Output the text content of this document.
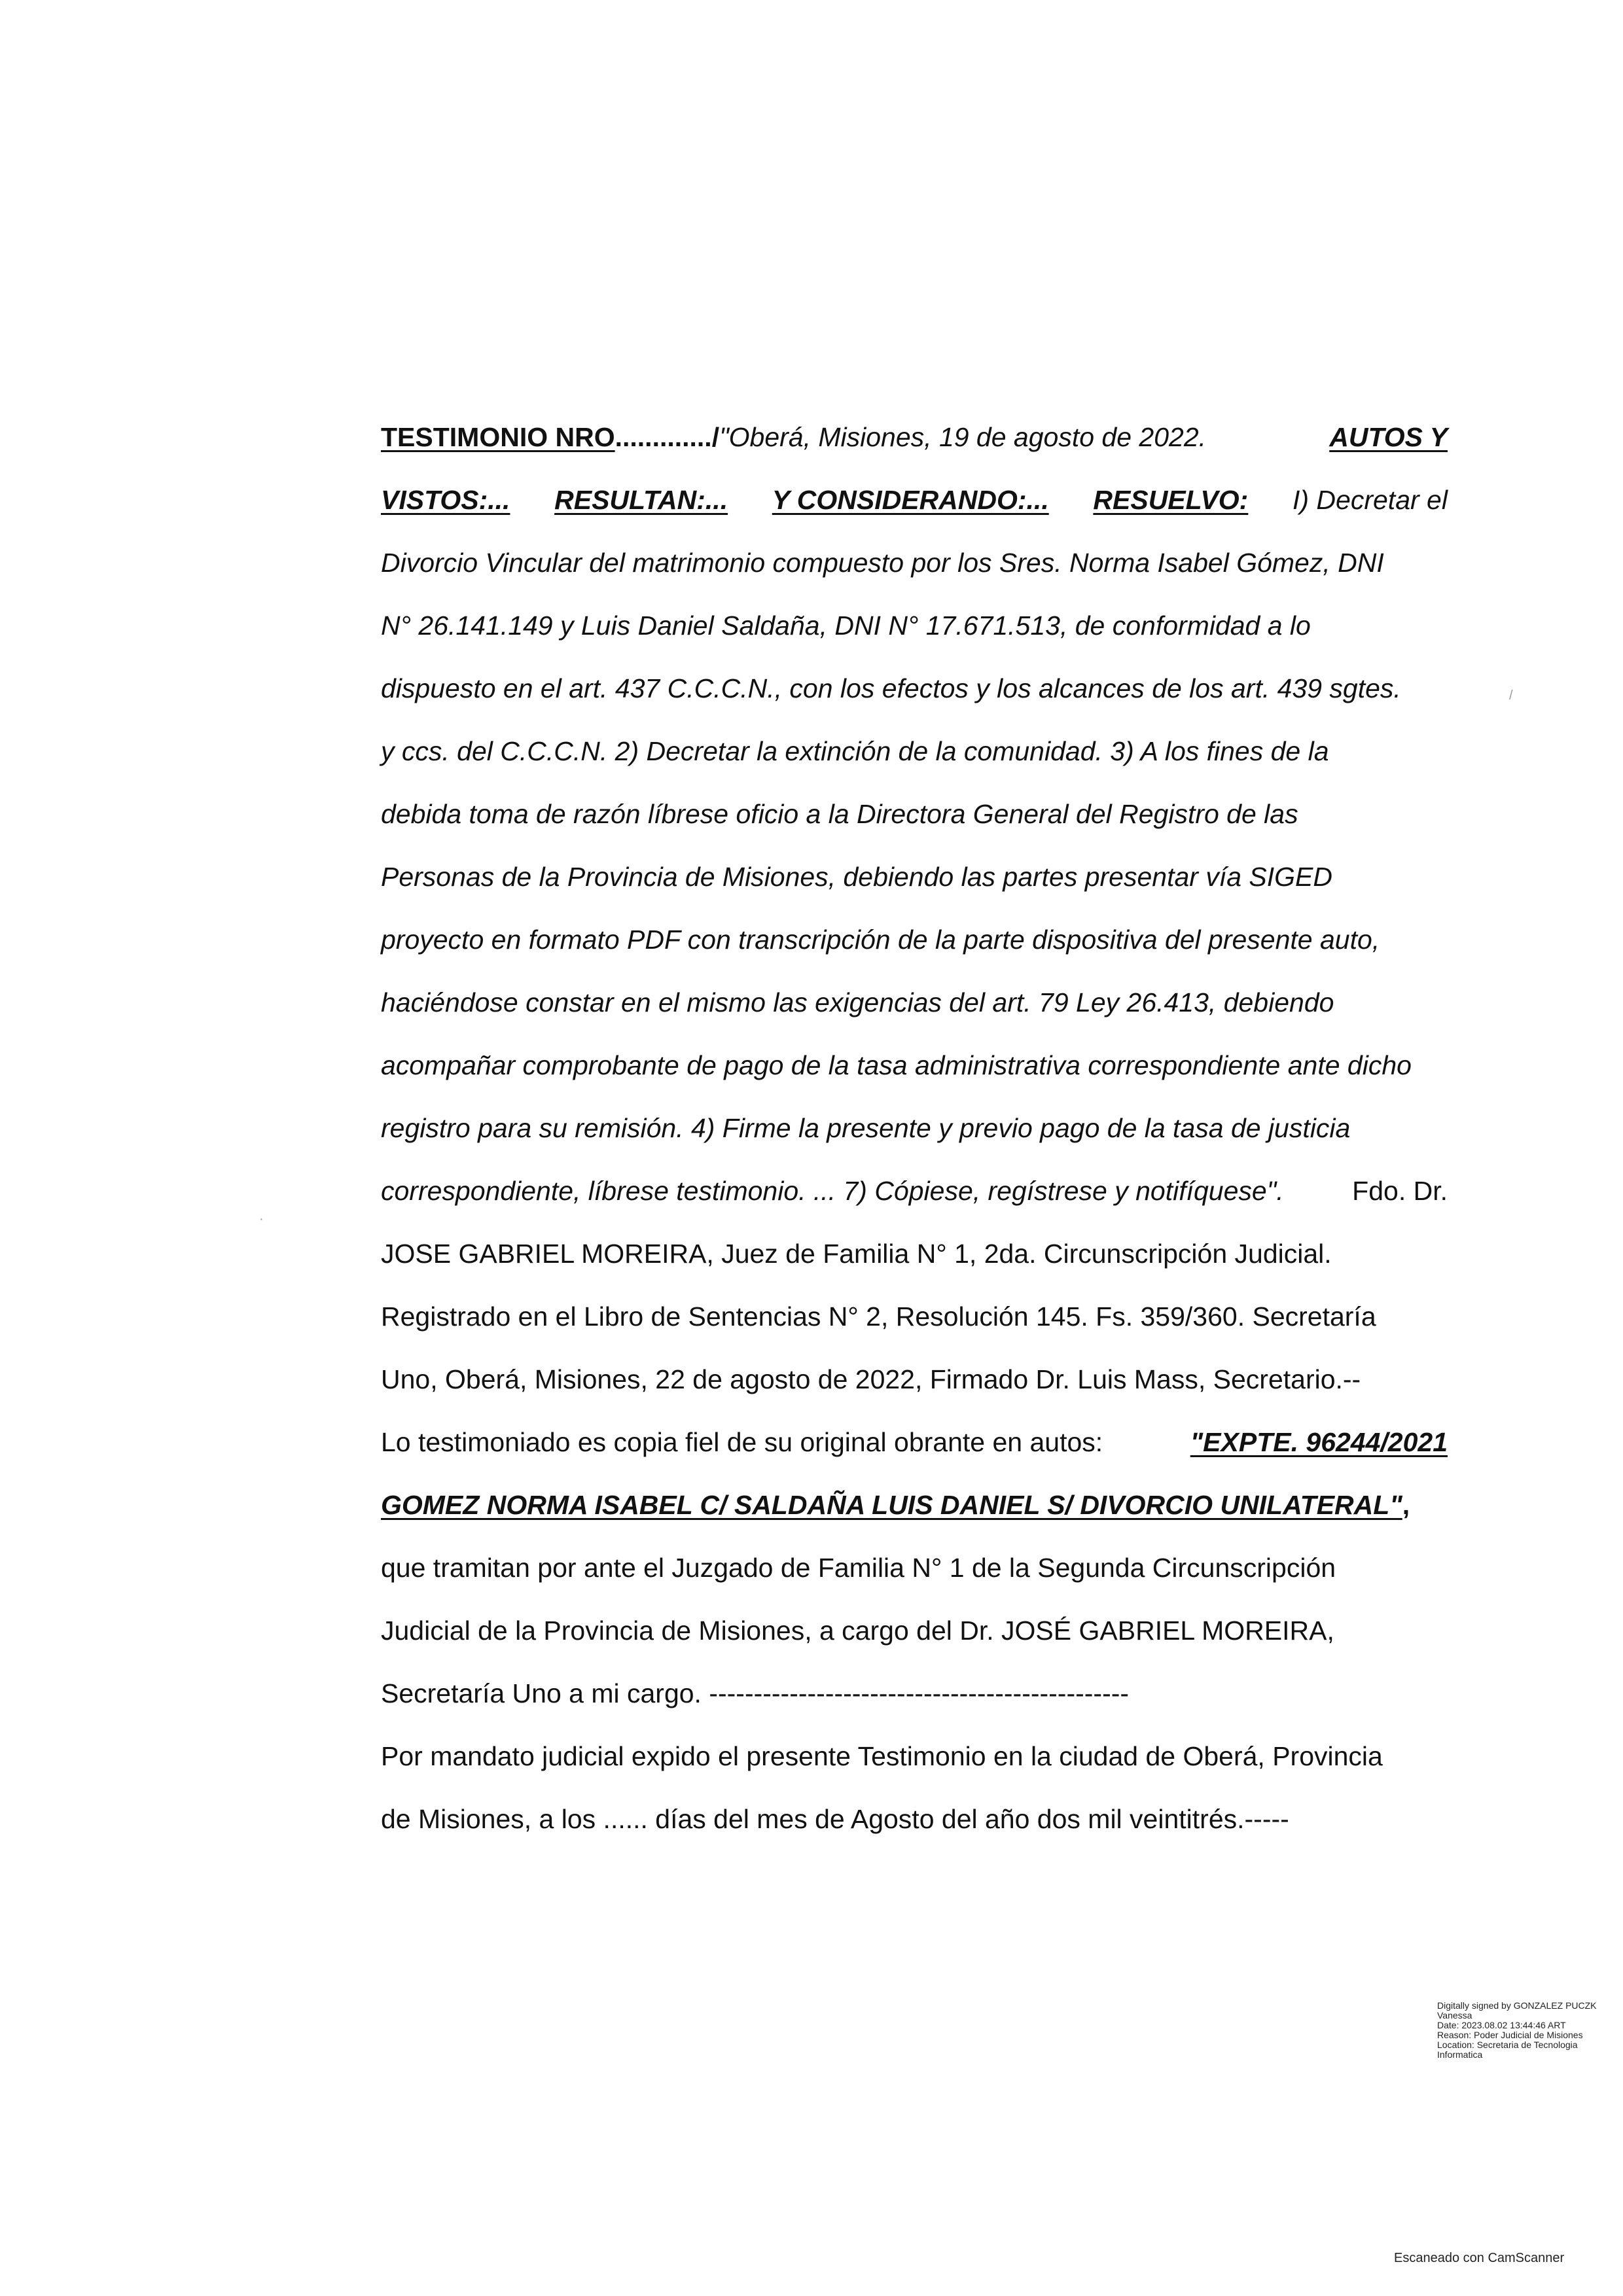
TESTIMONIO NRO............./"Oberá, Misiones, 19 de agosto de 2022.	AUTOS Y
VISTOS:... RESULTAN:... Y CONSIDERANDO:... RESUELVO: I) Decretar el
Divorcio Vincular del matrimonio compuesto por los Sres. Norma Isabel Gómez, DNI
N° 26.141.149 y Luis Daniel Saldaña, DNI N° 17.671.513, de conformidad a lo
dispuesto en el art. 437 C.C.C.N., con los efectos y los alcances de los art. 439 sgtes.
y ccs. del C.C.C.N. 2) Decretar la extinción de la comunidad. 3) A los fines de la
debida toma de razón líbrese oficio a la Directora General del Registro de las
Personas de la Provincia de Misiones, debiendo las partes presentar vía SIGED
proyecto en formato PDF con transcripción de la parte dispositiva del presente auto,
haciéndose constar en el mismo las exigencias del art. 79 Ley 26.413, debiendo
acompañar comprobante de pago de la tasa administrativa correspondiente ante dicho
registro para su remisión. 4) Firme la presente y previo pago de la tasa de justicia
correspondiente, líbrese testimonio. ... 7) Cópiese, regístrese y notifíquese".	Fdo. Dr.
JOSE GABRIEL MOREIRA, Juez de Familia N° 1, 2da. Circunscripción Judicial.
Registrado en el Libro de Sentencias N° 2, Resolución 145. Fs. 359/360. Secretaría
Uno, Oberá, Misiones, 22 de agosto de 2022, Firmado Dr. Luis Mass, Secretario.--
Lo testimoniado es copia fiel de su original obrante en autos:	"EXPTE. 96244/2021
GOMEZ NORMA ISABEL C/ SALDAÑA LUIS DANIEL S/ DIVORCIO UNILATERAL" ,
que tramitan por ante el Juzgado de Familia N° 1 de la Segunda Circunscripción
Judicial de la Provincia de Misiones, a cargo del Dr. JOSÉ GABRIEL MOREIRA,
Secretaría Uno a mi cargo. -----------------------------------------------
Por mandato judicial expido el presente Testimonio en la ciudad de Oberá, Provincia
de Misiones, a los ...... días del mes de Agosto del año dos mil veintitrés.-----
/
·
Digitally signed by GONZALEZ PUCZK
Vanessa
Date: 2023.08.02 13:44:46 ART
Reason: Poder Judicial de Misiones
Location: Secretaria de Tecnologia
Informatica
Escaneado con CamScanner
